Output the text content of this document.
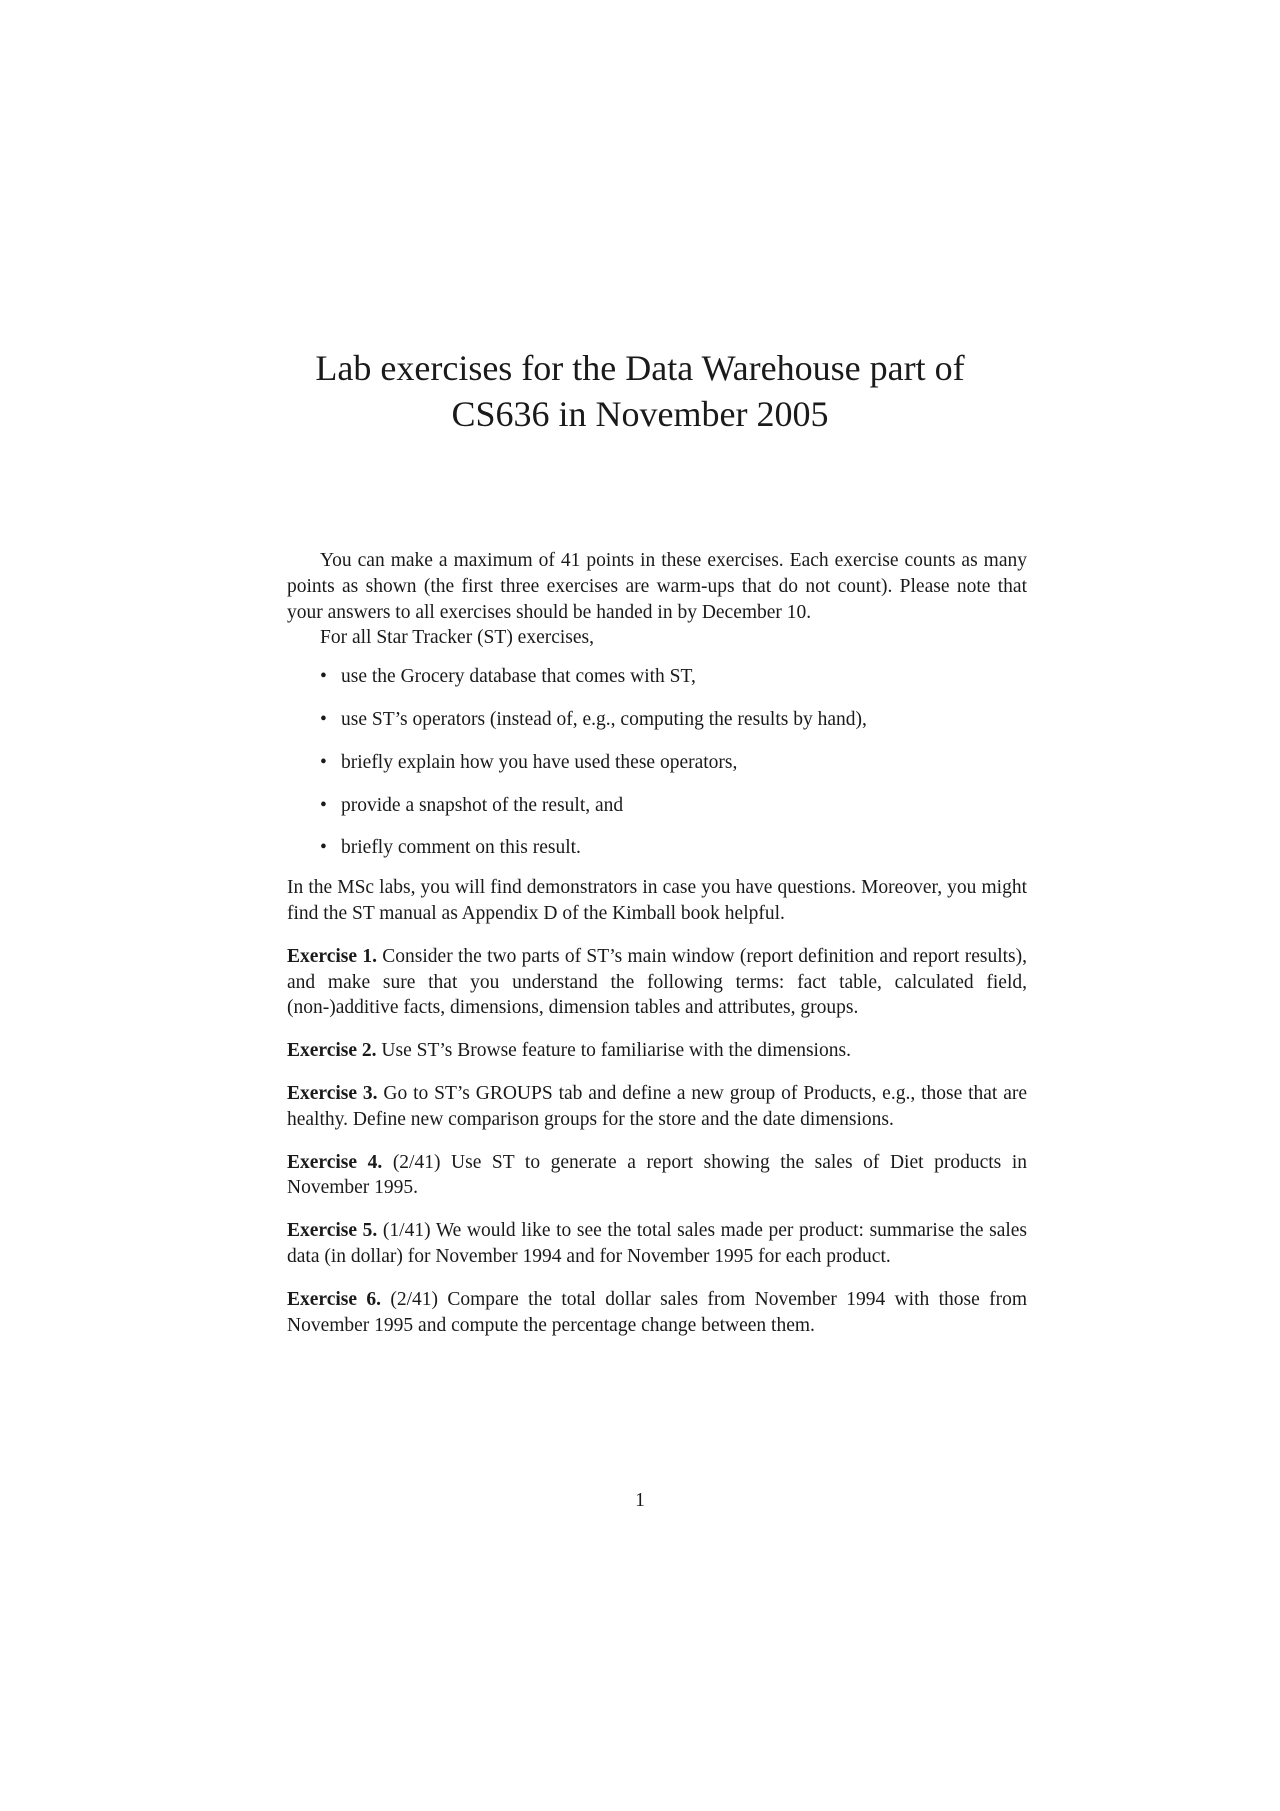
Lab exercises for the Data Warehouse part of
CS636 in November 2005

You can make a maximum of 41 points in these exercises. Each exercise counts as many points as shown (the first three exercises are warm-ups that do not count). Please note that your answers to all exercises should be handed in by December 10.

For all Star Tracker (ST) exercises,

• use the Grocery database that comes with ST,
• use ST’s operators (instead of, e.g., computing the results by hand),
• briefly explain how you have used these operators,
• provide a snapshot of the result, and
• briefly comment on this result.

In the MSc labs, you will find demonstrators in case you have questions. Moreover, you might find the ST manual as Appendix D of the Kimball book helpful.

Exercise 1. Consider the two parts of ST’s main window (report definition and report results), and make sure that you understand the following terms: fact table, calculated field, (non-)additive facts, dimensions, dimension tables and attributes, groups.

Exercise 2. Use ST’s Browse feature to familiarise with the dimensions.

Exercise 3. Go to ST’s GROUPS tab and define a new group of Products, e.g., those that are healthy. Define new comparison groups for the store and the date dimensions.

Exercise 4. (2/41) Use ST to generate a report showing the sales of Diet products in November 1995.

Exercise 5. (1/41) We would like to see the total sales made per product: summarise the sales data (in dollar) for November 1994 and for November 1995 for each product.

Exercise 6. (2/41) Compare the total dollar sales from November 1994 with those from November 1995 and compute the percentage change between them.

1
